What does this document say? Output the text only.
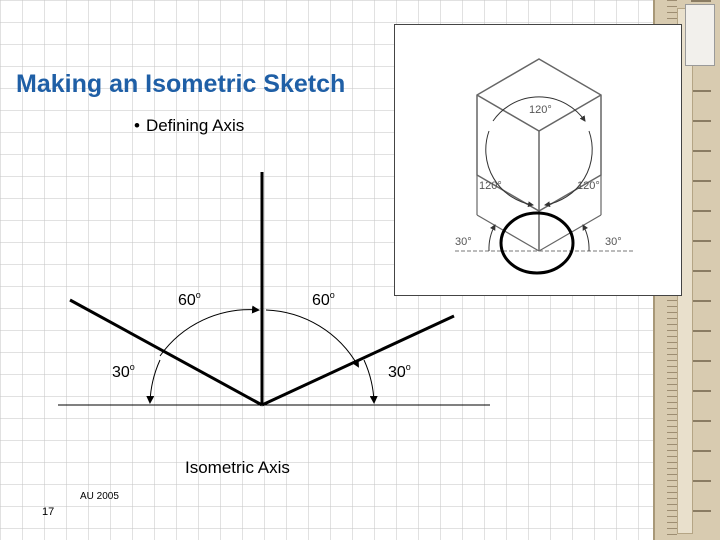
Making an Isometric Sketch
• Defining Axis
120°
120°	120°
30°	30°
60$^o$	60$^o$
30$^o$	30$^o$
Isometric Axis
AU 2005
17
